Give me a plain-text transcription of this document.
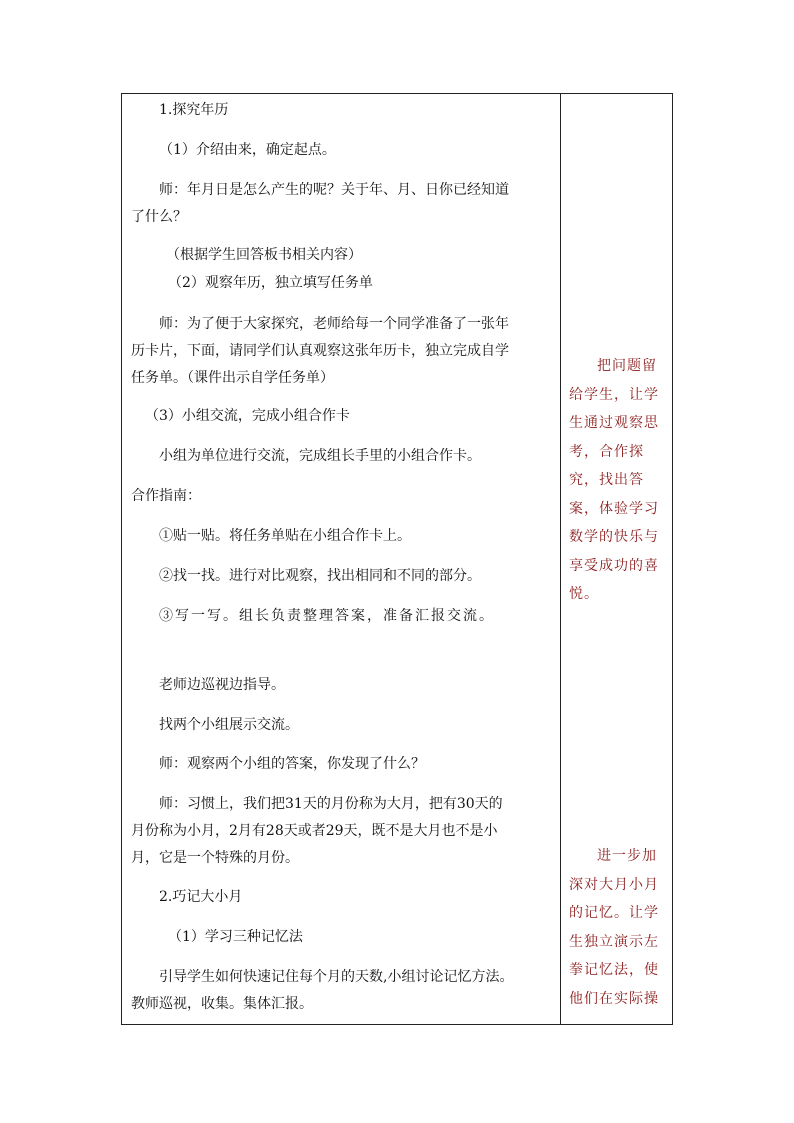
把问题留给学生，让学生通过观察思考，合作探究，找出答案，体验学习数学的快乐与享受成功的喜悦。
进一步加深对大月小月的记忆。让学生独立演示左拳记忆法，使他们在实际操
1.探究年历
（1）介绍由来，确定起点。
师：年月日是怎么产生的呢？关于年、月、日你已经知道
了什么？
（根据学生回答板书相关内容）
（2）观察年历，独立填写任务单
师：为了便于大家探究，老师给每一个同学准备了一张年
历卡片，下面，请同学们认真观察这张年历卡，独立完成自学
任务单。（课件出示自学任务单）
（3）小组交流，完成小组合作卡
小组为单位进行交流，完成组长手里的小组合作卡。
合作指南：
①贴一贴。将任务单贴在小组合作卡上。
②找一找。进行对比观察，找出相同和不同的部分。
③写一写。组长负责整理答案，准备汇报交流。
老师边巡视边指导。
找两个小组展示交流。
师：观察两个小组的答案，你发现了什么？
师：习惯上，我们把31天的月份称为大月，把有30天的
月份称为小月，2月有28天或者29天，既不是大月也不是小
月，它是一个特殊的月份。
2.巧记大小月
（1）学习三种记忆法
引导学生如何快速记住每个月的天数,小组讨论记忆方法。
教师巡视，收集。集体汇报。
